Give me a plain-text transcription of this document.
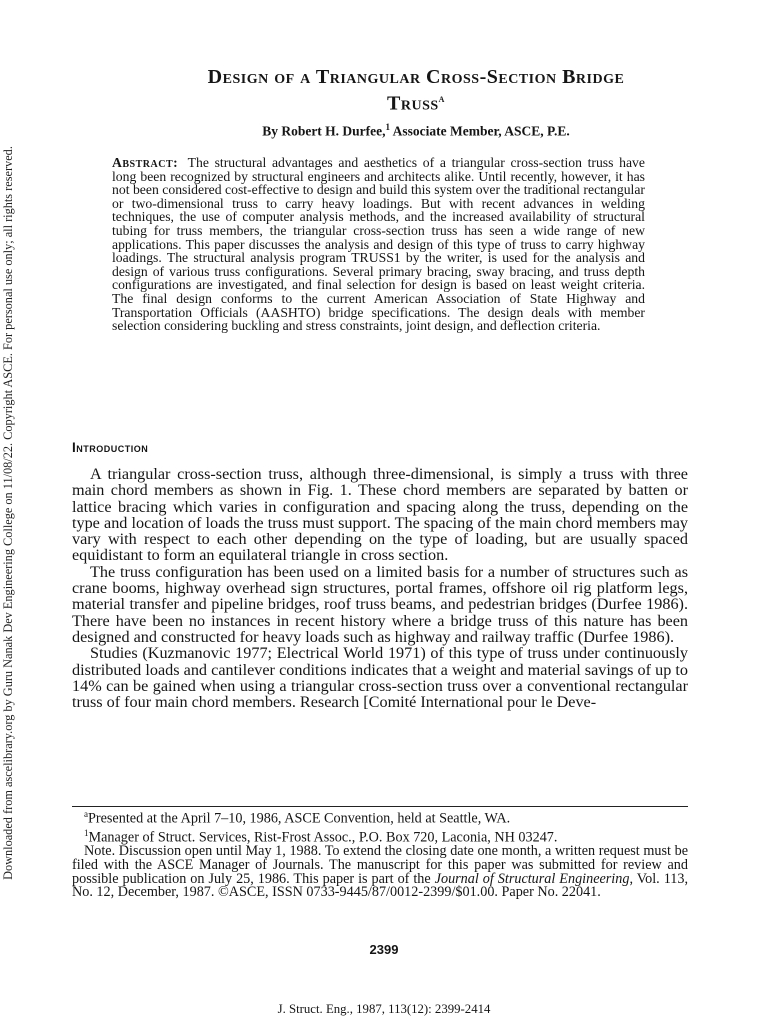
Downloaded from ascelibrary.org by Guru Nanak Dev Engineering College on 11/08/22. Copyright ASCE. For personal use only; all rights reserved.
Design of a Triangular Cross-Section Bridge
Truss$^a$
By Robert H. Durfee,$^1$ Associate Member, ASCE, P.E.
Abstract: The structural advantages and aesthetics of a triangular cross-section truss have long been recognized by structural engineers and architects alike. Until recently, however, it has not been considered cost-effective to design and build this system over the traditional rectangular or two-dimensional truss to carry heavy loadings. But with recent advances in welding techniques, the use of computer analysis methods, and the increased availability of structural tubing for truss members, the triangular cross-section truss has seen a wide range of new applications. This paper discusses the analysis and design of this type of truss to carry highway loadings. The structural analysis program TRUSS1 by the writer, is used for the analysis and design of various truss configurations. Several primary bracing, sway bracing, and truss depth configurations are investigated, and final selection for design is based on least weight criteria. The final design conforms to the current American Association of State Highway and Transportation Officials (AASHTO) bridge specifications. The design deals with member selection considering buckling and stress constraints, joint design, and deflection criteria.
Introduction

A triangular cross-section truss, although three-dimensional, is simply a truss with three main chord members as shown in Fig. 1. These chord members are separated by batten or lattice bracing which varies in configuration and spacing along the truss, depending on the type and location of loads the truss must support. The spacing of the main chord members may vary with respect to each other depending on the type of loading, but are usually spaced equidistant to form an equilateral triangle in cross section.

The truss configuration has been used on a limited basis for a number of structures such as crane booms, highway overhead sign structures, portal frames, offshore oil rig platform legs, material transfer and pipeline bridges, roof truss beams, and pedestrian bridges (Durfee 1986). There have been no instances in recent history where a bridge truss of this nature has been designed and constructed for heavy loads such as highway and railway traffic (Durfee 1986).

Studies (Kuzmanovic 1977; Electrical World 1971) of this type of truss under continuously distributed loads and cantilever conditions indicates that a weight and material savings of up to 14% can be gained when using a triangular cross-section truss over a conventional rectangular truss of four main chord members. Research [Comité International pour le Deve-

$^a$Presented at the April 7–10, 1986, ASCE Convention, held at Seattle, WA.

$^1$Manager of Struct. Services, Rist-Frost Assoc., P.O. Box 720, Laconia, NH 03247.

Note. Discussion open until May 1, 1988. To extend the closing date one month, a written request must be filed with the ASCE Manager of Journals. The manuscript for this paper was submitted for review and possible publication on July 25, 1986. This paper is part of the Journal of Structural Engineering, Vol. 113, No. 12, December, 1987. ©ASCE, ISSN 0733-9445/87/0012-2399/$01.00. Paper No. 22041.

2399
J. Struct. Eng., 1987, 113(12): 2399-2414
